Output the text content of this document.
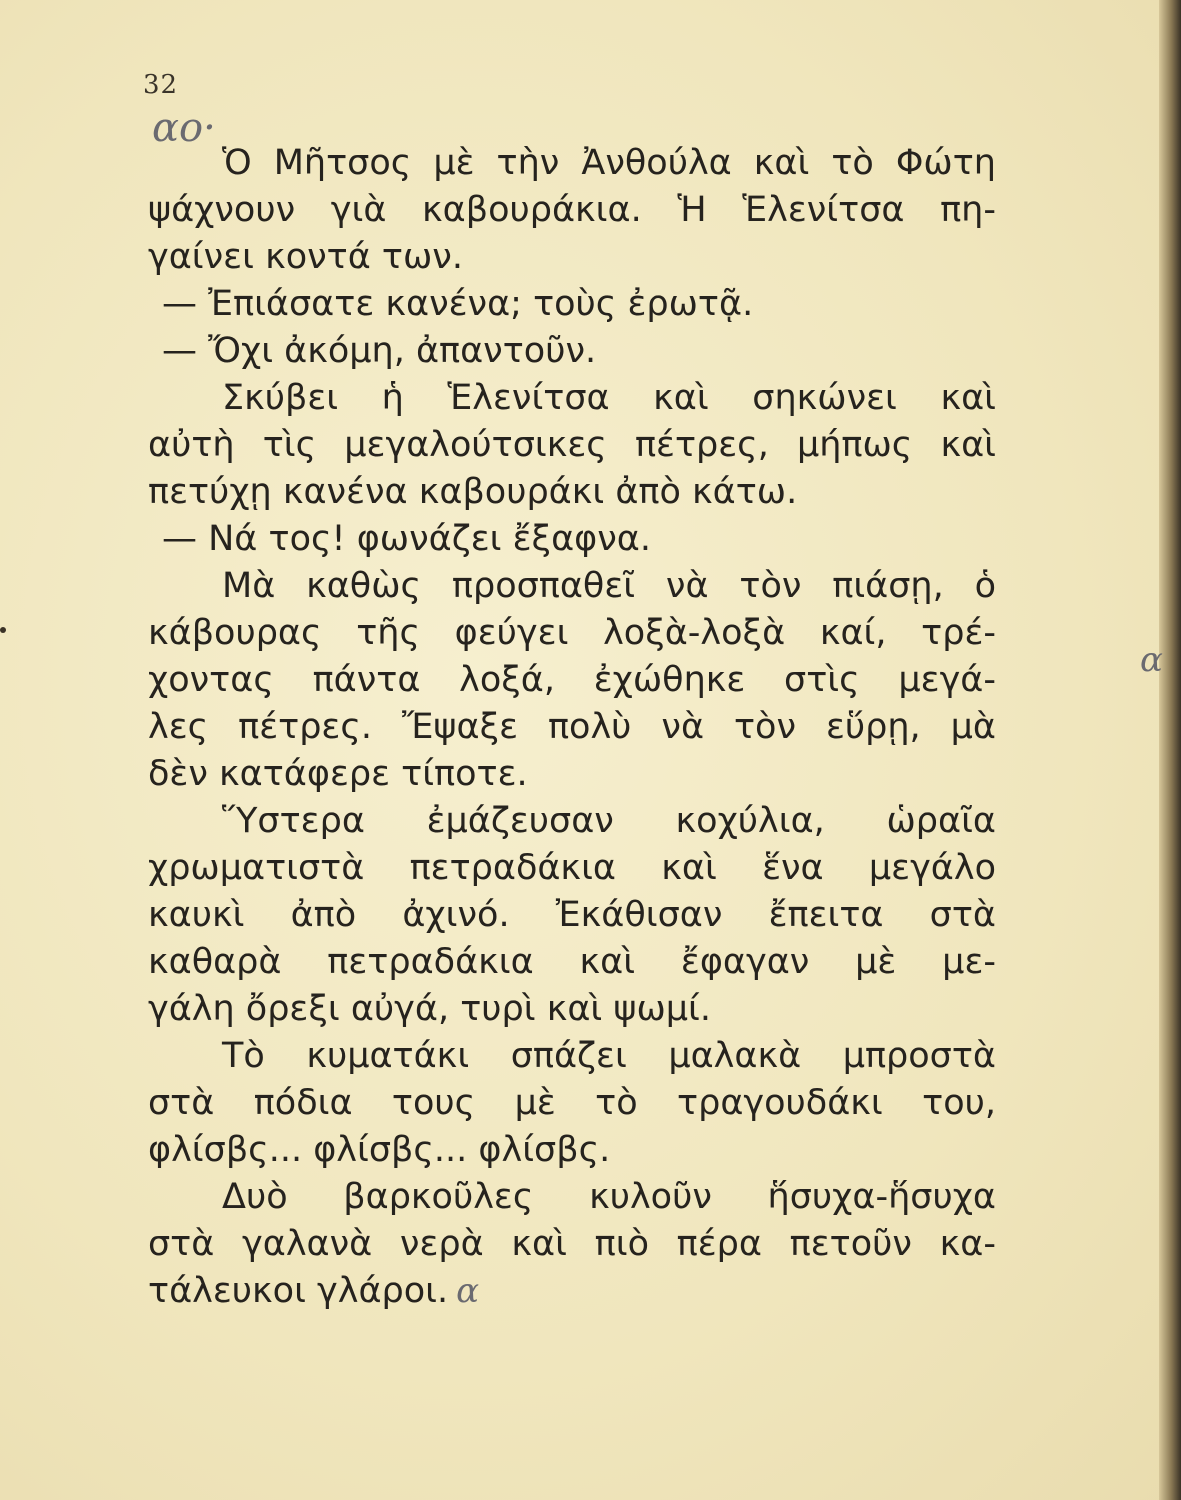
32
αο·
α
Ὁ Μῆτσος μὲ τὴν Ἀνθούλα καὶ τὸ Φώτη
ψάχνουν γιὰ καβουράκια. Ἡ Ἑλενίτσα πη-
γαίνει κοντά των.
— Ἐπιάσατε κανένα; τοὺς ἐρωτᾷ.
— Ὄχι ἀκόμη, ἀπαντοῦν.
Σκύβει ἡ Ἑλενίτσα καὶ σηκώνει καὶ
αὐτὴ τὶς μεγαλούτσικες πέτρες, μήπως καὶ
πετύχῃ κανένα καβουράκι ἀπὸ κάτω.
— Νά τος! φωνάζει ἔξαφνα.
Μὰ καθὼς προσπαθεῖ νὰ τὸν πιάσῃ, ὁ
κάβουρας τῆς φεύγει λοξὰ-λοξὰ καί, τρέ-
χοντας πάντα λοξά, ἐχώθηκε στὶς μεγά-
λες πέτρες. Ἔψαξε πολὺ νὰ τὸν εὕρῃ, μὰ
δὲν κατάφερε τίποτε.
Ὕστερα ἐμάζευσαν κοχύλια, ὡραῖα
χρωματιστὰ πετραδάκια καὶ ἕνα μεγάλο
καυκὶ ἀπὸ ἀχινό. Ἐκάθισαν ἔπειτα στὰ
καθαρὰ πετραδάκια καὶ ἔφαγαν μὲ με-
γάλη ὄρεξι αὐγά, τυρὶ καὶ ψωμί.
Τὸ κυματάκι σπάζει μαλακὰ μπροστὰ
στὰ πόδια τους μὲ τὸ τραγουδάκι του,
φλίσβς... φλίσβς... φλίσβς.
Δυὸ βαρκοῦλες κυλοῦν ἥσυχα-ἥσυχα
στὰ γαλανὰ νερὰ καὶ πιὸ πέρα πετοῦν κα-
τάλευκοι γλάροι. α
